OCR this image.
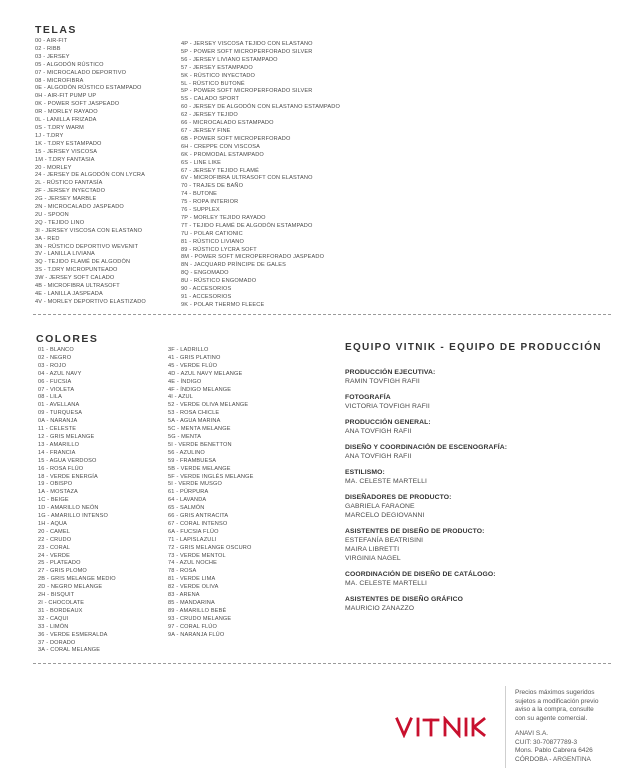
TELAS
00 - AIR-FIT
02 - RIBB
03 - JERSEY
05 - ALGODÓN RÚSTICO
07 - MICROCALADO DEPORTIVO
08 - MICROFIBRA
0E - ALGODÓN RÚSTICO ESTAMPADO
0H - AIR-FIT PUMP UP
0K - POWER SOFT JASPEADO
0R - MORLEY RAYADO
0L - LANILLA FRIZADA
0S - T.DRY WARM
1J - T.DRY
1K - T.DRY ESTAMPADO
15 - JERSEY VISCOSA
1M - T.DRY FANTASIA
20 - MORLEY
24 - JERSEY DE ALGODÓN CON LYCRA
2L - RÚSTICO FANTASÍA
2F - JERSEY INYECTADO
2G - JERSEY MARBLE
2N - MICROCALADO JASPEADO
2U - SPOON
2Q - TEJIDO LINO
3I - JERSEY VISCOSA CON ELASTANO
3A - RED
3N - RÚSTICO DEPORTIVO WEVENIT
3V - LANILLA LIVIANA
3Q - TEJIDO FLAMÉ DE ALGODÓN
3S - T.DRY MICROPUNTEADO
3W - JERSEY SOFT CALADO
4B - MICROFIBRA ULTRASOFT
4E - LANILLA JASPEADA
4V - MORLEY DEPORTIVO ELASTIZADO
4P - JERSEY VISCOSA TEJIDO CON ELASTANO
5P - POWER SOFT MICROPERFORADO SILVER
56 - JERSEY LIVIANO ESTAMPADO
57 - JERSEY ESTAMPADO
5K - RÚSTICO INYECTADO
5L - RÚSTICO BUTONÉ
5P - POWER SOFT MICROPERFORADO SILVER
5S - CALADO SPORT
60 - JERSEY DE ALGODÓN CON ELASTANO ESTAMPADO
62 - JERSEY TEJIDO
66 - MICROCALADO ESTAMPADO
67 - JERSEY FINE
6B - POWER SOFT MICROPERFORADO
6H - CREPPE CON VISCOSA
6K - PROMODAL ESTAMPADO
6S - LINE LIKE
67 - JERSEY TEJIDO FLAMÉ
6V - MICROFIBRA ULTRASOFT CON ELASTANO
70 - TRAJES DE BAÑO
74 - BUTONE
75 - ROPA INTERIOR
76 - SUPPLEX
7P - MORLEY TEJIDO RAYADO
7T - TEJIDO FLAMÉ DE ALGODÓN ESTAMPADO
7U - POLAR CATIONIC
81 - RÚSTICO LIVIANO
89 - RÚSTICO LYCRA SOFT
8M - POWER SOFT MICROPERFORADO JASPEADO
8N - JACQUARD PRÍNCIPE DE GALES
8Q - ENGOMADO
8U - RÚSTICO ENGOMADO
90 - ACCESORIOS
91 - ACCESORIOS
9K - POLAR THERMO FLEECE
COLORES
01 - BLANCO
02 - NEGRO
03 - ROJO
04 - AZUL NAVY
06 - FUCSIA
07 - VIOLETA
08 - LILA
01 - AVELLANA
09 - TURQUESA
0A - NARANJA
11 - CELESTE
12 - GRIS MELANGE
13 - AMARILLO
14 - FRANCIA
15 - AGUA VERDOSO
16 - ROSA FLÚO
18 - VERDE ENERGÍA
19 - OBISPO
1A - MOSTAZA
1C - BEIGE
1D - AMARILLO NEÓN
1G - AMARILLO INTENSO
1H - AQUA
20 - CAMEL
22 - CRUDO
23 - CORAL
24 - VERDE
25 - PLATEADO
27 - GRIS PLOMO
2B - GRIS MELANGE MEDIO
2D - NEGRO MELANGE
2H - BISQUIT
2I - CHOCOLATE
31 - BORDEAUX
32 - CAQUI
33 - LIMÓN
36 - VERDE ESMERALDA
37 - DORADO
3A - CORAL MELANGE
3F - LADRILLO
41 - GRIS PLATINO
45 - VERDE FLÚO
4D - AZUL NAVY MELANGE
4E - ÍNDIGO
4F - ÍNDIGO MELANGE
4I - AZUL
52 - VERDE OLIVA MELANGE
53 - ROSA CHICLE
5A - AGUA MARINA
5C - MENTA MELANGE
5G - MENTA
5I - VERDE BENETTON
56 - AZULINO
59 - FRAMBUESA
5B - VERDE MELANGE
5F - VERDE INGLÉS MELANGE
5I - VERDE MUSGO
61 - PÚRPURA
64 - LAVANDA
65 - SALMÓN
66 - GRIS ANTRACITA
67 - CORAL INTENSO
6A - FUCSIA FLÚO
71 - LAPISLAZULI
72 - GRIS MELANGE OSCURO
73 - VERDE MENTOL
74 - AZUL NOCHE
78 - ROSA
81 - VERDE LIMA
82 - VERDE OLIVA
83 - ARENA
85 - MANDARINA
89 - AMARILLO BEBÉ
93 - CRUDO MELANGE
97 - CORAL FLÚO
9A - NARANJA FLÚO
EQUIPO VITNIK - EQUIPO DE PRODUCCIÓN
PRODUCCIÓN EJECUTIVA:
RAMIN TOVFIGH RAFII
FOTOGRAFÍA
VICTORIA TOVFIGH RAFII
PRODUCCIÓN GENERAL:
ANA TOVFIGH RAFII
DISEÑO Y COORDINACIÓN DE ESCENOGRAFÍA:
ANA TOVFIGH RAFII
ESTILISMO:
MA. CELESTE MARTELLI
DISEÑADORES DE PRODUCTO:
GABRIELA FARAONE
MARCELO DEGIOVANNI
ASISTENTES DE DISEÑO DE PRODUCTO:
ESTEFANÍA BEATRISINI
MAIRA LIBRETTI
VIRGINIA NAGEL
COORDINACIÓN DE DISEÑO DE CATÁLOGO:
MA. CELESTE MARTELLI
ASISTENTES DE DISEÑO GRÁFICO
MAURICIO ZANAZZO
Precios máximos sugeridos
sujetos a modificación previo
aviso a la compra, consulte
con su agente comercial.
ANAVI S.A.
CUIT: 30-70877789-3
Mons. Pablo Cabrera 6426
CÓRDOBA - ARGENTINA
